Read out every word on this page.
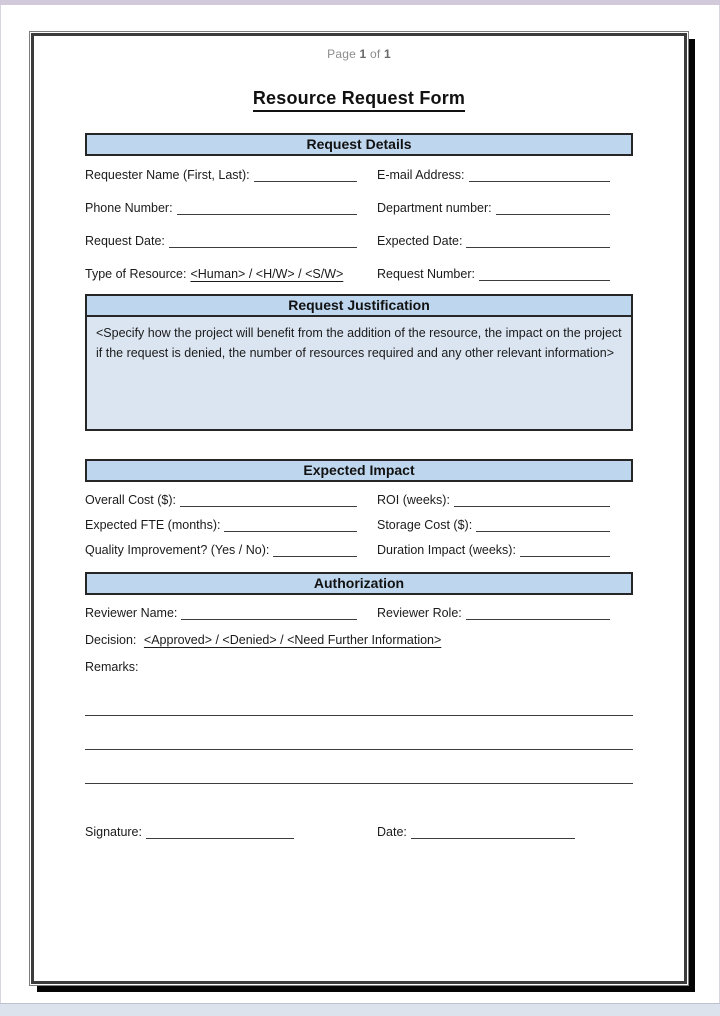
Page 1 of 1
Resource Request Form
Request Details
Requester Name (First, Last):	E-mail Address:
Phone Number:	Department number:
Request Date:	Expected Date:
Type of Resource: <Human> / <H/W> / <S/W>	Request Number:
Request Justification
<Specify how the project will benefit from the addition of the resource, the impact on the project if the request is denied, the number of resources required and any other relevant information>
Expected Impact
Overall Cost ($):	ROI (weeks):
Expected FTE (months):	Storage Cost ($):
Quality Improvement? (Yes / No):	Duration Impact (weeks):
Authorization
Reviewer Name:	Reviewer Role:
Decision: <Approved> / <Denied> / <Need Further Information>
Remarks:
Signature:	Date:
